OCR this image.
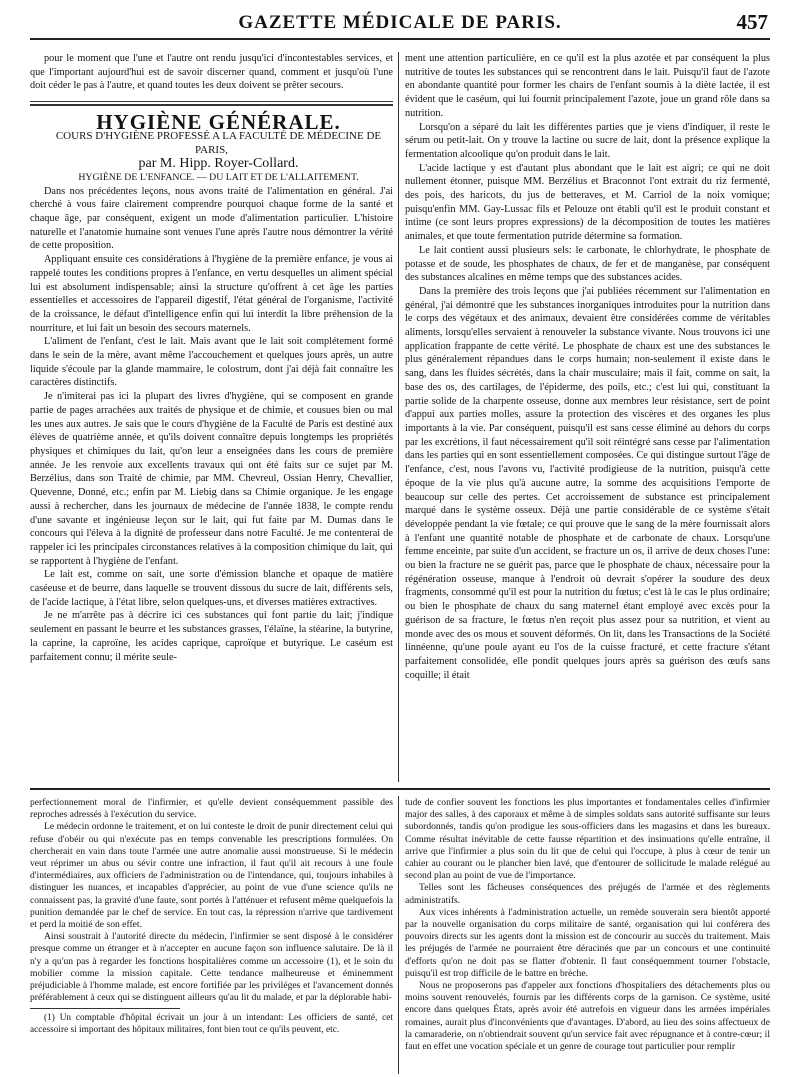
GAZETTE MÉDICALE DE PARIS.	457

pour le moment que l'une et l'autre ont rendu jusqu'ici d'incontestables services, et que l'important aujourd'hui est de savoir discerner quand, comment et jusqu'où l'une doit céder le pas à l'autre, et quand toutes les deux doivent se prêter secours.

HYGIÈNE GÉNÉRALE.

COURS D'HYGIÈNE PROFESSÉ A LA FACULTÉ DE MÉDECINE DE PARIS,

par M. Hipp. Royer-Collard.

HYGIÈNE DE L'ENFANCE. — DU LAIT ET DE L'ALLAITEMENT.

Dans nos précédentes leçons, nous avons traité de l'alimentation en général. J'ai cherché à vous faire clairement comprendre pourquoi chaque forme de la santé et chaque âge, par conséquent, exigent un mode d'alimentation particulier. L'histoire naturelle et l'anatomie humaine sont venues l'une après l'autre nous démontrer la vérité de cette proposition.

Appliquant ensuite ces considérations à l'hygiène de la première enfance, je vous ai rappelé toutes les conditions propres à l'enfance, en vertu desquelles un aliment spécial lui est absolument indispensable; ainsi la structure qu'offrent à cet âge les parties essentielles et accessoires de l'appareil digestif, l'état général de l'organisme, l'activité de la croissance, le défaut d'intelligence enfin qui lui interdit la libre préhension de la nourriture, et lui fait un besoin des secours maternels.

L'aliment de l'enfant, c'est le lait. Mais avant que le lait soit complétement formé dans le sein de la mère, avant même l'accouchement et quelques jours après, un autre liquide s'écoule par la glande mammaire, le colostrum, dont j'ai déjà fait connaître les caractères distinctifs.

Je n'imiterai pas ici la plupart des livres d'hygiène, qui se composent en grande partie de pages arrachées aux traités de physique et de chimie, et cousues bien ou mal les unes aux autres. Je sais que le cours d'hygiène de la Faculté de Paris est destiné aux élèves de quatrième année, et qu'ils doivent connaître depuis longtemps les propriétés physiques et chimiques du lait, qu'on leur a enseignées dans les cours de première année. Je les renvoie aux excellents travaux qui ont été faits sur ce sujet par M. Berzélius, dans son Traité de chimie, par MM. Chevreul, Ossian Henry, Chevallier, Quevenne, Donné, etc.; enfin par M. Liebig dans sa Chimie organique. Je les engage aussi à rechercher, dans les journaux de médecine de l'année 1838, le compte rendu d'une savante et ingénieuse leçon sur le lait, qui fut faite par M. Dumas dans le concours qui l'éleva à la dignité de professeur dans notre Faculté. Je me contenterai de rappeler ici les principales circonstances relatives à la composition chimique du lait, qui se rapportent à l'hygiène de l'enfant.

Le lait est, comme on sait, une sorte d'émission blanche et opaque de matière caséeuse et de beurre, dans laquelle se trouvent dissous du sucre de lait, différents sels, de l'acide lactique, à l'état libre, selon quelques-uns, et diverses matières extractives.

Je ne m'arrête pas à décrire ici ces substances qui font partie du lait; j'indique seulement en passant le beurre et les substances grasses, l'élaïne, la stéarine, la butyrine, la caprine, la caproïne, les acides caprique, caproïque et butyrique. Le caséum est parfaitement connu; il mérite seule-

ment une attention particulière, en ce qu'il est la plus azotée et par conséquent la plus nutritive de toutes les substances qui se rencontrent dans le lait. Puisqu'il faut de l'azote en abondante quantité pour former les chairs de l'enfant soumis à la diète lactée, il est évident que le caséum, qui lui fournit principalement l'azote, joue un grand rôle dans sa nutrition.

Lorsqu'on a séparé du lait les différentes parties que je viens d'indiquer, il reste le sérum ou petit-lait. On y trouve la lactine ou sucre de lait, dont la présence explique la fermentation alcoolique qu'on produit dans le lait.

L'acide lactique y est d'autant plus abondant que le lait est aigri; ce qui ne doit nullement étonner, puisque MM. Berzélius et Braconnot l'ont extrait du riz fermenté, des pois, des haricots, du jus de betteraves, et M. Carriol de la noix vomique; puisqu'enfin MM. Gay-Lussac fils et Pelouze ont établi qu'il est le produit constant et intime (ce sont leurs propres expressions) de la décomposition de toutes les matières animales, et que toute fermentation putride détermine sa formation.

Le lait contient aussi plusieurs sels: le carbonate, le chlorhydrate, le phosphate de potasse et de soude, les phosphates de chaux, de fer et de manganèse, par conséquent des substances alcalines en même temps que des substances acides.

Dans la première des trois leçons que j'ai publiées récemment sur l'alimentation en général, j'ai démontré que les substances inorganiques introduites pour la nutrition dans le corps des végétaux et des animaux, devaient être considérées comme de véritables aliments, lorsqu'elles servaient à renouveler la substance vivante. Nous trouvons ici une application frappante de cette vérité. Le phosphate de chaux est une des substances le plus généralement répandues dans le corps humain; non-seulement il existe dans le sang, dans les fluides sécrétés, dans la chair musculaire; mais il fait, comme on sait, la base des os, des cartilages, de l'épiderme, des poils, etc.; c'est lui qui, constituant la partie solide de la charpente osseuse, donne aux membres leur résistance, sert de point d'appui aux parties molles, assure la protection des viscères et des organes les plus importants à la vie. Par conséquent, puisqu'il est sans cesse éliminé au dehors du corps par les excrétions, il faut nécessairement qu'il soit réintégré sans cesse par l'alimentation dans les parties qui en sont essentiellement composées. Ce qui distingue surtout l'âge de l'enfance, c'est, nous l'avons vu, l'activité prodigieuse de la nutrition, puisqu'à cette époque de la vie plus qu'à aucune autre, la somme des acquisitions l'emporte de beaucoup sur celle des pertes. Cet accroissement de substance est principalement marqué dans le système osseux. Déjà une partie considérable de ce système s'était développée pendant la vie fœtale; ce qui prouve que le sang de la mère fournissait alors à l'enfant une quantité notable de phosphate et de carbonate de chaux. Lorsqu'une femme enceinte, par suite d'un accident, se fracture un os, il arrive de deux choses l'une: ou bien la fracture ne se guérit pas, parce que le phosphate de chaux, nécessaire pour la régénération osseuse, manque à l'endroit où devrait s'opérer la soudure des deux fragments, consommé qu'il est pour la nutrition du fœtus; c'est là le cas le plus ordinaire; ou bien le phosphate de chaux du sang maternel étant employé avec excès pour la guérison de sa fracture, le fœtus n'en reçoit plus assez pour sa nutrition, et vient au monde avec des os mous et souvent déformés. On lit, dans les Transactions de la Société linnéenne, qu'une poule ayant eu l'os de la cuisse fracturé, et cette fracture s'étant parfaitement consolidée, elle pondit quelques jours après sa guérison des œufs sans coquille; il était

perfectionnement moral de l'infirmier, et qu'elle devient conséquemment passible des reproches adressés à l'exécution du service.

Le médecin ordonne le traitement, et on lui conteste le droit de punir directement celui qui refuse d'obéir ou qui n'exécute pas en temps convenable les prescriptions formulées. On chercherait en vain dans toute l'armée une autre anomalie aussi monstrueuse. Si le médecin veut réprimer un abus ou sévir contre une infraction, il faut qu'il ait recours à une foule d'intermédiaires, aux officiers de l'administration ou de l'intendance, qui, toujours inhabiles à distinguer les nuances, et incapables d'apprécier, au point de vue d'une science qu'ils ne connaissent pas, la gravité d'une faute, sont portés à l'atténuer et refusent même quelquefois la punition demandée par le chef de service. En tout cas, la répression n'arrive que tardivement et perd la moitié de son effet.

Ainsi soustrait à l'autorité directe du médecin, l'infirmier se sent disposé à le considérer presque comme un étranger et à n'accepter en aucune façon son influence salutaire. De là il n'y a qu'un pas à regarder les fonctions hospitalières comme un accessoire (1), et le soin du mobilier comme la mission capitale. Cette tendance malheureuse et éminemment préjudiciable à l'homme malade, est encore fortifiée par les priviléges et l'avancement donnés préférablement à ceux qui se distinguent ailleurs qu'au lit du malade, et par la déplorable habi-

(1) Un comptable d'hôpital écrivait un jour à un intendant: Les officiers de santé, cet accessoire si important des hôpitaux militaires, font bien tout ce qu'ils peuvent, etc.

tude de confier souvent les fonctions les plus importantes et fondamentales celles d'infirmier major des salles, à des caporaux et même à de simples soldats sans autorité suffisante sur leurs subordonnés, tandis qu'on prodigue les sous-officiers dans les magasins et dans les bureaux. Comme résultat inévitable de cette fausse répartition et des insinuations qu'elle entraîne, il arrive que l'infirmier a plus soin du lit que de celui qui l'occupe, à plus à cœur de tenir un cahier au courant ou le plancher bien lavé, que d'entourer de sollicitude le malade relégué au second plan au point de vue de l'importance.

Telles sont les fâcheuses conséquences des préjugés de l'armée et des règlements administratifs.

Aux vices inhérents à l'administration actuelle, un remède souverain sera bientôt apporté par la nouvelle organisation du corps militaire de santé, organisation qui lui conférera des pouvoirs directs sur les agents dont la mission est de concourir au succès du traitement. Mais les préjugés de l'armée ne pourraient être déracinés que par un concours et une continuité d'efforts qu'on ne doit pas se flatter d'obtenir. Il faut conséquemment tourner l'obstacle, puisqu'il est trop difficile de le battre en brèche.

Nous ne proposerons pas d'appeler aux fonctions d'hospitaliers des détachements plus ou moins souvent renouvelés, fournis par les différents corps de la garnison. Ce système, usité encore dans quelques États, après avoir été autrefois en vigueur dans les armées impériales romaines, aurait plus d'inconvénients que d'avantages. D'abord, au lieu des soins affectueux de la camaraderie, on n'obtiendrait souvent qu'un service fait avec répugnance et à contre-cœur; il faut en effet une vocation spéciale et un genre de courage tout particulier pour remplir
